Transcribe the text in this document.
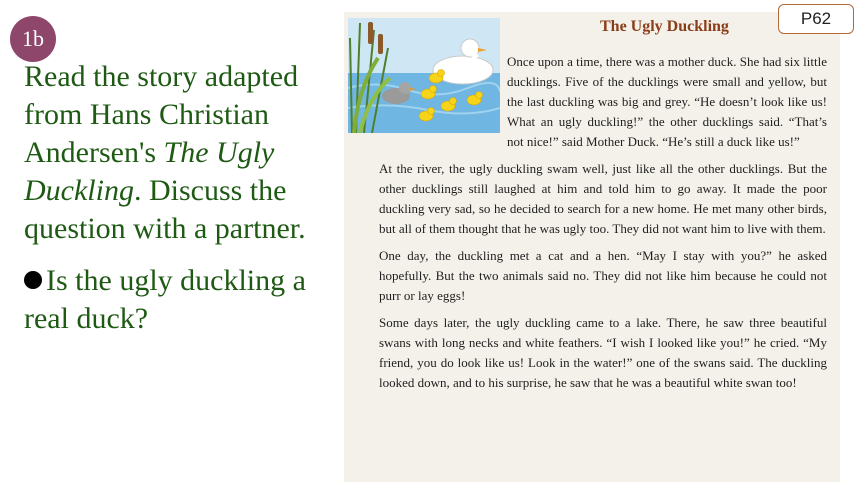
1b

Read the story adapted from Hans Christian Andersen's The Ugly Duckling. Discuss the question with a partner.

Is the ugly duckling a real duck?
P62
The Ugly Duckling

Once upon a time, there was a mother duck. She had six little ducklings. Five of the ducklings were small and yellow, but the last duckling was big and grey. “He doesn’t look like us! What an ugly duckling!” the other ducklings said. “That’s not nice!” said Mother Duck. “He’s still a duck like us!”

At the river, the ugly duckling swam well, just like all the other ducklings. But the other ducklings still laughed at him and told him to go away. It made the poor duckling very sad, so he decided to search for a new home. He met many other birds, but all of them thought that he was ugly too. They did not want him to live with them.

One day, the duckling met a cat and a hen. “May I stay with you?” he asked hopefully. But the two animals said no. They did not like him because he could not purr or lay eggs!

Some days later, the ugly duckling came to a lake. There, he saw three beautiful swans with long necks and white feathers. “I wish I looked like you!” he cried. “My friend, you do look like us! Look in the water!” one of the swans said. The duckling looked down, and to his surprise, he saw that he was a beautiful white swan too!
